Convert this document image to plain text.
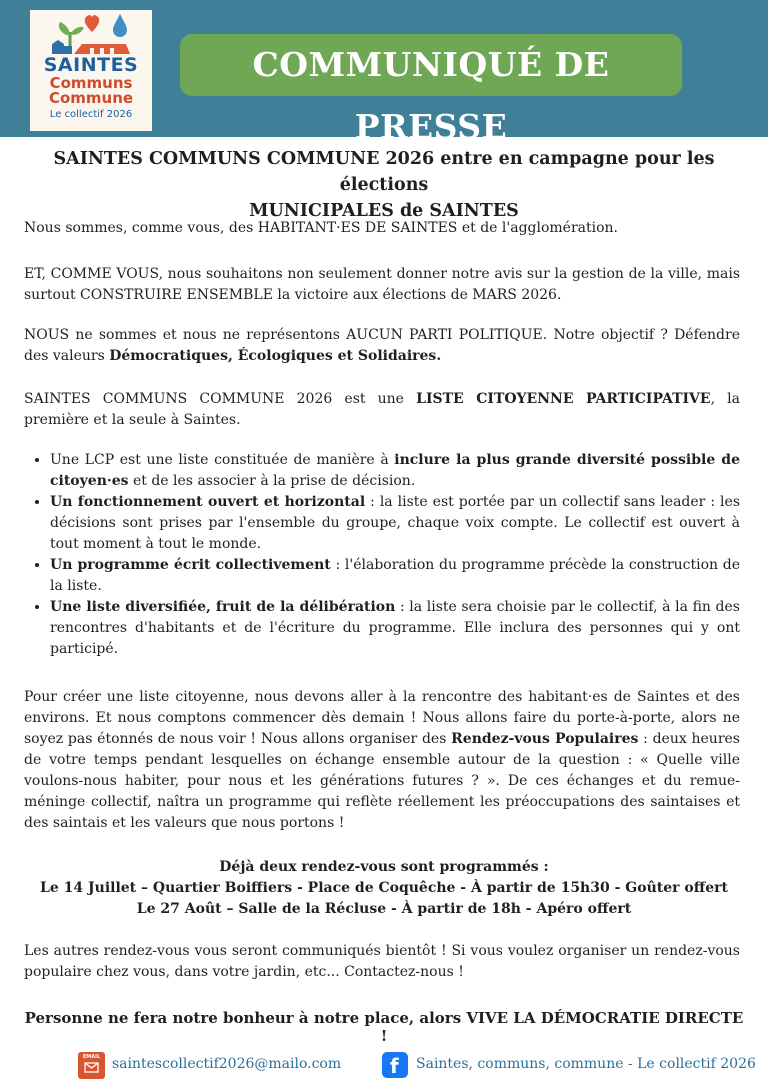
SAINTES
Communs
Commune
Le collectif 2026
COMMUNIQUÉ DE PRESSE
SAINTES COMMUNS COMMUNE 2026 entre en campagne pour les élections
MUNICIPALES de SAINTES
Nous sommes, comme vous, des HABITANT·ES DE SAINTES et de l'agglomération.
ET, COMME VOUS, nous souhaitons non seulement donner notre avis sur la gestion de la ville, mais surtout CONSTRUIRE ENSEMBLE la victoire aux élections de MARS 2026.
NOUS ne sommes et nous ne représentons AUCUN PARTI POLITIQUE. Notre objectif ? Défendre des valeurs Démocratiques, Écologiques et Solidaires.
SAINTES COMMUNS COMMUNE 2026 est une LISTE CITOYENNE PARTICIPATIVE, la première et la seule à Saintes.
• Une LCP est une liste constituée de manière à inclure la plus grande diversité possible de citoyen·es et de les associer à la prise de décision.
• Un fonctionnement ouvert et horizontal : la liste est portée par un collectif sans leader : les décisions sont prises par l'ensemble du groupe, chaque voix compte. Le collectif est ouvert à tout moment à tout le monde.
• Un programme écrit collectivement : l'élaboration du programme précède la construction de la liste.
• Une liste diversifiée, fruit de la délibération : la liste sera choisie par le collectif, à la fin des rencontres d'habitants et de l'écriture du programme. Elle inclura des personnes qui y ont participé.
Pour créer une liste citoyenne, nous devons aller à la rencontre des habitant·es de Saintes et des environs. Et nous comptons commencer dès demain ! Nous allons faire du porte-à-porte, alors ne soyez pas étonnés de nous voir ! Nous allons organiser des Rendez-vous Populaires : deux heures de votre temps pendant lesquelles on échange ensemble autour de la question : « Quelle ville voulons-nous habiter, pour nous et les générations futures ? ». De ces échanges et du remue-méninge collectif, naîtra un programme qui reflète réellement les préoccupations des saintaises et des saintais et les valeurs que nous portons !
Déjà deux rendez-vous sont programmés :
Le 14 Juillet – Quartier Boiffiers - Place de Coquêche - À partir de 15h30 - Goûter offert
Le 27 Août – Salle de la Récluse - À partir de 18h - Apéro offert
Les autres rendez-vous vous seront communiqués bientôt ! Si vous voulez organiser un rendez-vous populaire chez vous, dans votre jardin, etc... Contactez-nous !
Personne ne fera notre bonheur à notre place, alors VIVE LA DÉMOCRATIE DIRECTE !
EMAIL saintescollectif2026@mailo.com f Saintes, communs, commune - Le collectif 2026
